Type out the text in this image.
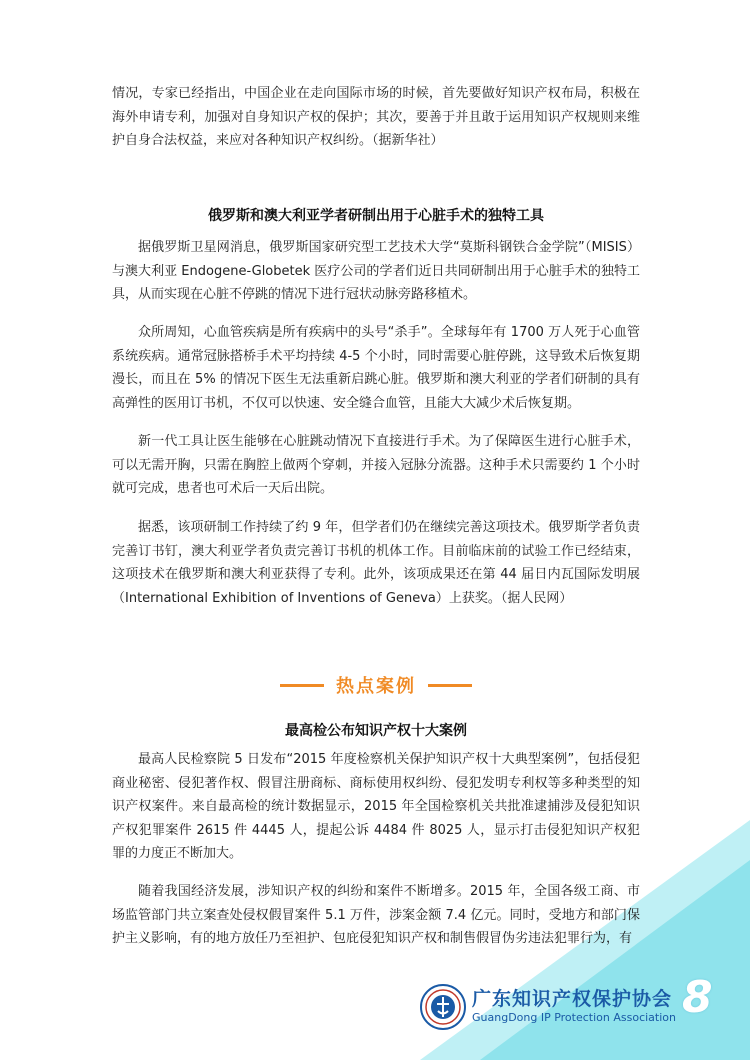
情况，专家已经指出，中国企业在走向国际市场的时候，首先要做好知识产权布局，积极在海外申请专利，加强对自身知识产权的保护；其次，要善于并且敢于运用知识产权规则来维护自身合法权益，来应对各种知识产权纠纷。（据新华社）

俄罗斯和澳大利亚学者研制出用于心脏手术的独特工具

据俄罗斯卫星网消息，俄罗斯国家研究型工艺技术大学“莫斯科钢铁合金学院”（MISIS）与澳大利亚 Endogene-Globetek 医疗公司的学者们近日共同研制出用于心脏手术的独特工具，从而实现在心脏不停跳的情况下进行冠状动脉旁路移植术。

众所周知，心血管疾病是所有疾病中的头号“杀手”。全球每年有 1700 万人死于心血管系统疾病。通常冠脉搭桥手术平均持续 4-5 个小时，同时需要心脏停跳，这导致术后恢复期漫长，而且在 5% 的情况下医生无法重新启跳心脏。俄罗斯和澳大利亚的学者们研制的具有高弹性的医用订书机，不仅可以快速、安全缝合血管，且能大大减少术后恢复期。

新一代工具让医生能够在心脏跳动情况下直接进行手术。为了保障医生进行心脏手术，可以无需开胸，只需在胸腔上做两个穿刺，并接入冠脉分流器。这种手术只需要约 1 个小时就可完成，患者也可术后一天后出院。

据悉，该项研制工作持续了约 9 年，但学者们仍在继续完善这项技术。俄罗斯学者负责完善订书钉，澳大利亚学者负责完善订书机的机体工作。目前临床前的试验工作已经结束，这项技术在俄罗斯和澳大利亚获得了专利。此外，该项成果还在第 44 届日内瓦国际发明展（International Exhibition of Inventions of Geneva）上获奖。（据人民网）

热点案例
最高检公布知识产权十大案例

最高人民检察院 5 日发布“2015 年度检察机关保护知识产权十大典型案例”，包括侵犯商业秘密、侵犯著作权、假冒注册商标、商标使用权纠纷、侵犯发明专利权等多种类型的知识产权案件。来自最高检的统计数据显示，2015 年全国检察机关共批准逮捕涉及侵犯知识产权犯罪案件 2615 件 4445 人，提起公诉 4484 件 8025 人，显示打击侵犯知识产权犯罪的力度正不断加大。

随着我国经济发展，涉知识产权的纠纷和案件不断增多。2015 年，全国各级工商、市场监管部门共立案查处侵权假冒案件 5.1 万件，涉案金额 7.4 亿元。同时，受地方和部门保护主义影响，有的地方放任乃至袒护、包庇侵犯知识产权和制售假冒伪劣违法犯罪行为，有

广东知识产权保护协会
GuangDong IP Protection Association 8
